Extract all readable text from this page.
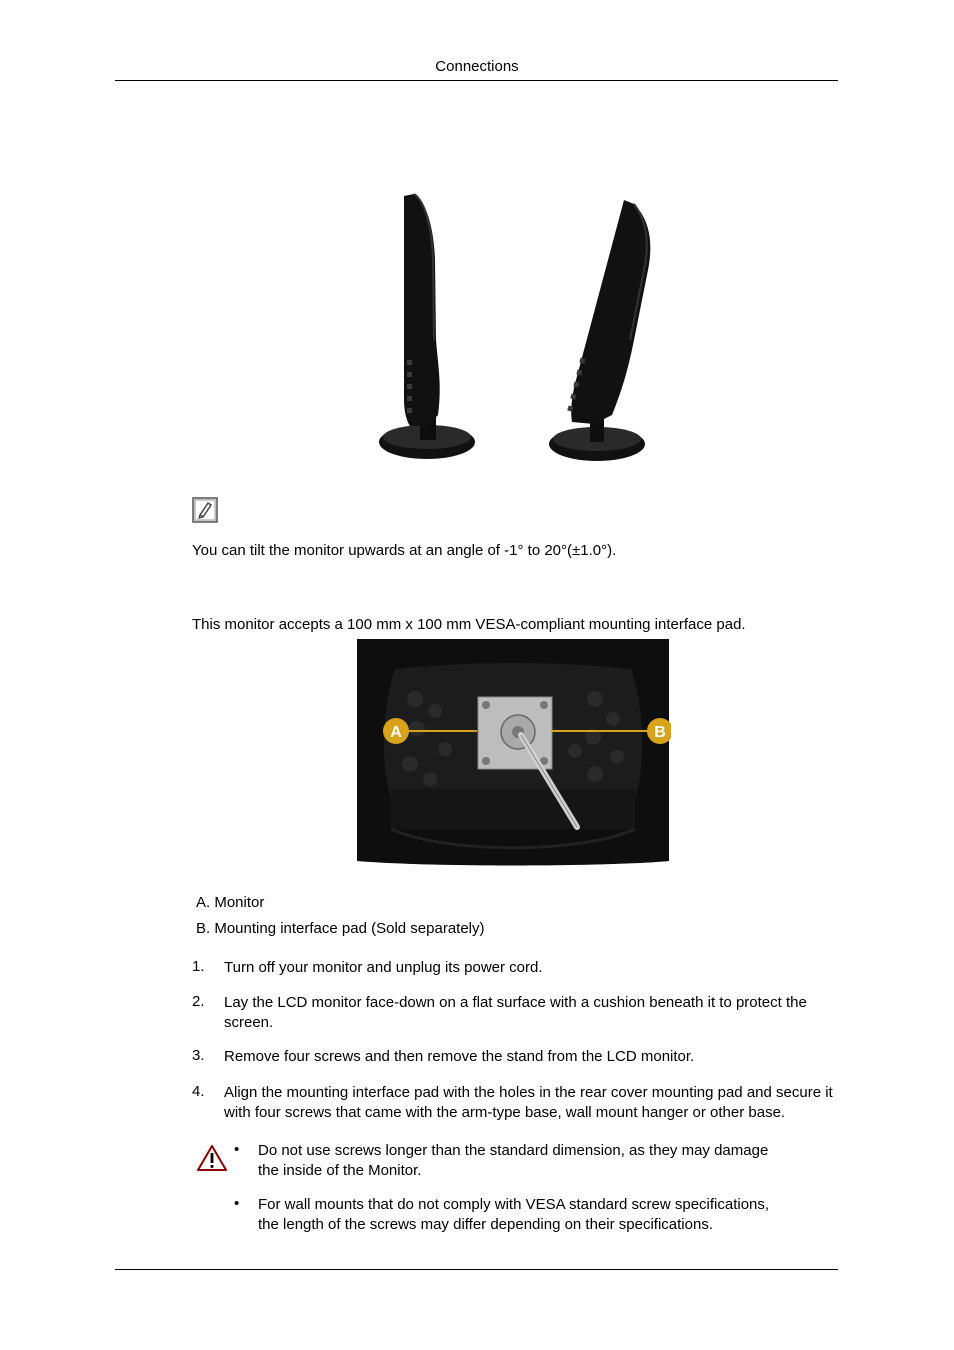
Connections
You can tilt the monitor upwards at an angle of -1° to 20°(±1.0°).
This monitor accepts a 100 mm x 100 mm VESA-compliant mounting interface pad.
A	B
A. Monitor
B. Mounting interface pad (Sold separately)
1. Turn off your monitor and unplug its power cord.
2. Lay the LCD monitor face-down on a flat surface with a cushion beneath it to protect the screen.
3. Remove four screws and then remove the stand from the LCD monitor.
4. Align the mounting interface pad with the holes in the rear cover mounting pad and secure it with four screws that came with the arm-type base, wall mount hanger or other base.
• Do not use screws longer than the standard dimension, as they may damage the inside of the Monitor.
• For wall mounts that do not comply with VESA standard screw specifications, the length of the screws may differ depending on their specifications.
